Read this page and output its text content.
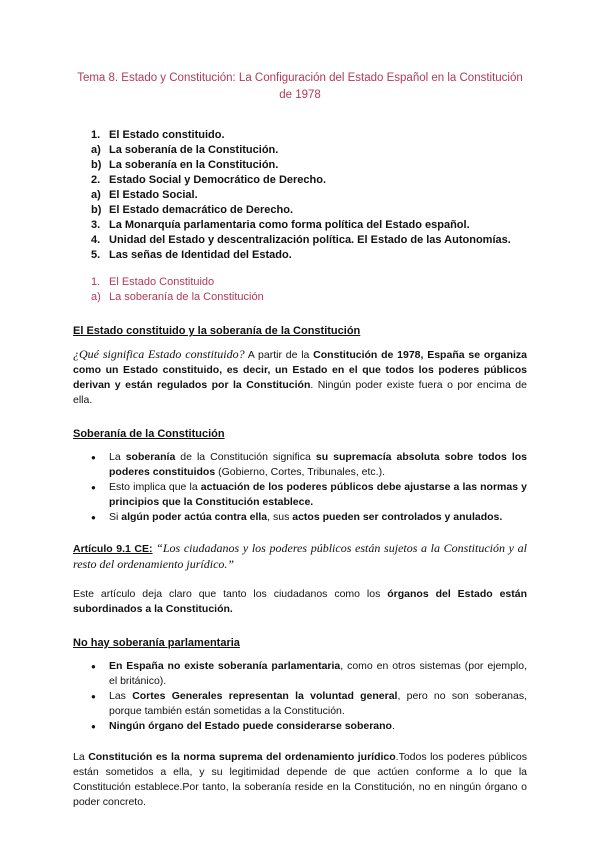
Tema 8. Estado y Constitución: La Configuración del Estado Español en la Constitución de 1978
1. El Estado constituido.
a) La soberanía de la Constitución.
b) La soberanía en la Constitución.
2. Estado Social y Democrático de Derecho.
a) El Estado Social.
b) El Estado demacrático de Derecho.
3. La Monarquía parlamentaria como forma política del Estado español.
4. Unidad del Estado y descentralización política. El Estado de las Autonomías.
5. Las señas de Identidad del Estado.
1. El Estado Constituido
a) La soberanía de la Constitución
El Estado constituido y la soberanía de la Constitución

¿Qué significa Estado constituido? A partir de la Constitución de 1978, España se organiza como un Estado constituido, es decir, un Estado en el que todos los poderes públicos derivan y están regulados por la Constitución. Ningún poder existe fuera o por encima de ella.

Soberanía de la Constitución
● La soberanía de la Constitución significa su supremacía absoluta sobre todos los poderes constituidos (Gobierno, Cortes, Tribunales, etc.).
● Esto implica que la actuación de los poderes públicos debe ajustarse a las normas y principios que la Constitución establece.
● Si algún poder actúa contra ella, sus actos pueden ser controlados y anulados.

Artículo 9.1 CE: “Los ciudadanos y los poderes públicos están sujetos a la Constitución y al resto del ordenamiento jurídico.”

Este artículo deja claro que tanto los ciudadanos como los órganos del Estado están subordinados a la Constitución.

No hay soberanía parlamentaria
● En España no existe soberanía parlamentaria, como en otros sistemas (por ejemplo, el británico).
● Las Cortes Generales representan la voluntad general, pero no son soberanas, porque también están sometidas a la Constitución.
● Ningún órgano del Estado puede considerarse soberano.

La Constitución es la norma suprema del ordenamiento jurídico.Todos los poderes públicos están sometidos a ella, y su legitimidad depende de que actúen conforme a lo que la Constitución establece.Por tanto, la soberanía reside en la Constitución, no en ningún órgano o poder concreto.
